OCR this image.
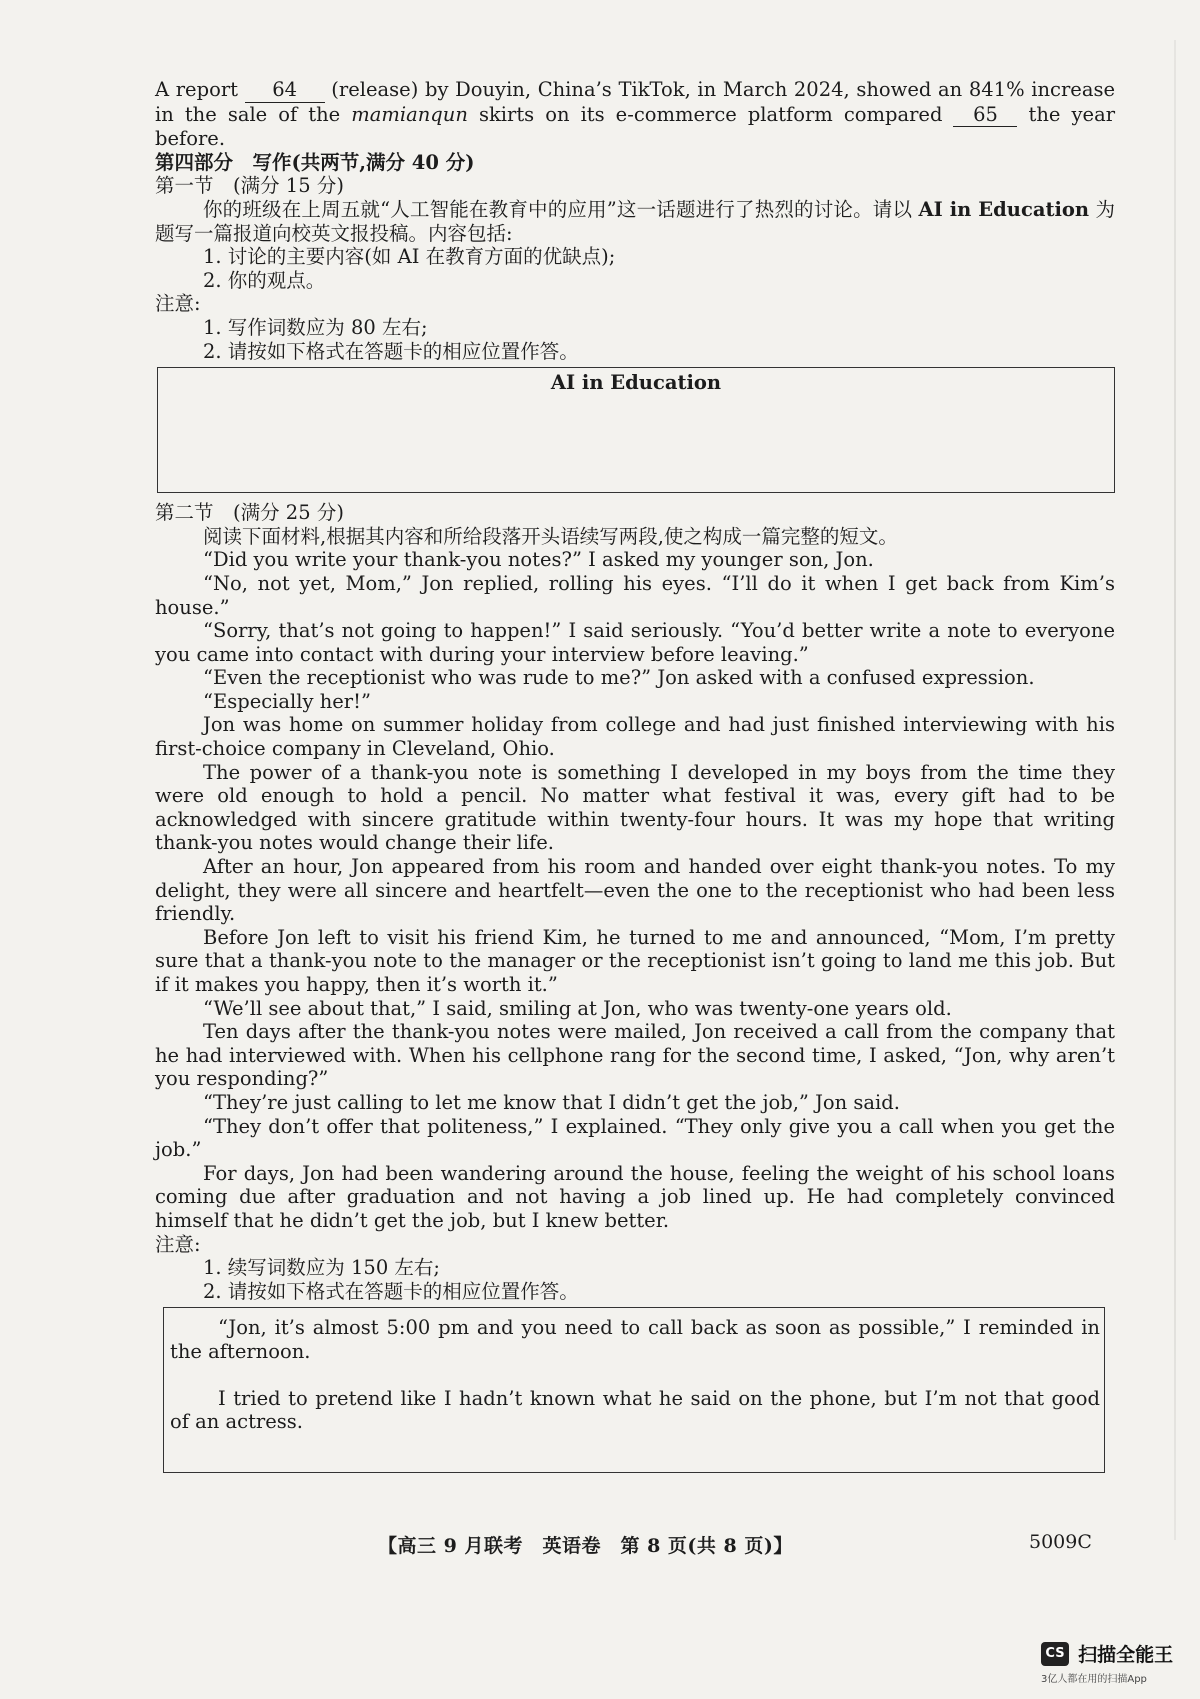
A report 64 (release) by Douyin, China’s TikTok, in March 2024, showed an 841% increase in the sale of the mamianqun skirts on its e-commerce platform compared 65 the year before.

第四部分　写作(共两节,满分 40 分)

第一节　(满分 15 分)

你的班级在上周五就“人工智能在教育中的应用”这一话题进行了热烈的讨论。请以 AI in Education 为题写一篇报道向校英文报投稿。内容包括:

1. 讨论的主要内容(如 AI 在教育方面的优缺点);

2. 你的观点。

注意:

1. 写作词数应为 80 左右;

2. 请按如下格式在答题卡的相应位置作答。

AI in Education

第二节　(满分 25 分)

阅读下面材料,根据其内容和所给段落开头语续写两段,使之构成一篇完整的短文。

“Did you write your thank-you notes?” I asked my younger son, Jon.

“No, not yet, Mom,” Jon replied, rolling his eyes. “I’ll do it when I get back from Kim’s house.”

“Sorry, that’s not going to happen!” I said seriously. “You’d better write a note to everyone you came into contact with during your interview before leaving.”

“Even the receptionist who was rude to me?” Jon asked with a confused expression.

“Especially her!”

Jon was home on summer holiday from college and had just finished interviewing with his first-choice company in Cleveland, Ohio.

The power of a thank-you note is something I developed in my boys from the time they were old enough to hold a pencil. No matter what festival it was, every gift had to be acknowledged with sincere gratitude within twenty-four hours. It was my hope that writing thank-you notes would change their life.

After an hour, Jon appeared from his room and handed over eight thank-you notes. To my delight, they were all sincere and heartfelt—even the one to the receptionist who had been less friendly.

Before Jon left to visit his friend Kim, he turned to me and announced, “Mom, I’m pretty sure that a thank-you note to the manager or the receptionist isn’t going to land me this job. But if it makes you happy, then it’s worth it.”

“We’ll see about that,” I said, smiling at Jon, who was twenty-one years old.

Ten days after the thank-you notes were mailed, Jon received a call from the company that he had interviewed with. When his cellphone rang for the second time, I asked, “Jon, why aren’t you responding?”

“They’re just calling to let me know that I didn’t get the job,” Jon said.

“They don’t offer that politeness,” I explained. “They only give you a call when you get the job.”

For days, Jon had been wandering around the house, feeling the weight of his school loans coming due after graduation and not having a job lined up. He had completely convinced himself that he didn’t get the job, but I knew better.

注意:

1. 续写词数应为 150 左右;

2. 请按如下格式在答题卡的相应位置作答。

“Jon, it’s almost 5:00 pm and you need to call back as soon as possible,” I reminded in the afternoon.

I tried to pretend like I hadn’t known what he said on the phone, but I’m not that good of an actress.

【高三 9 月联考　英语卷　第 8 页(共 8 页)】	5009C
CS 扫描全能王
3亿人都在用的扫描App
